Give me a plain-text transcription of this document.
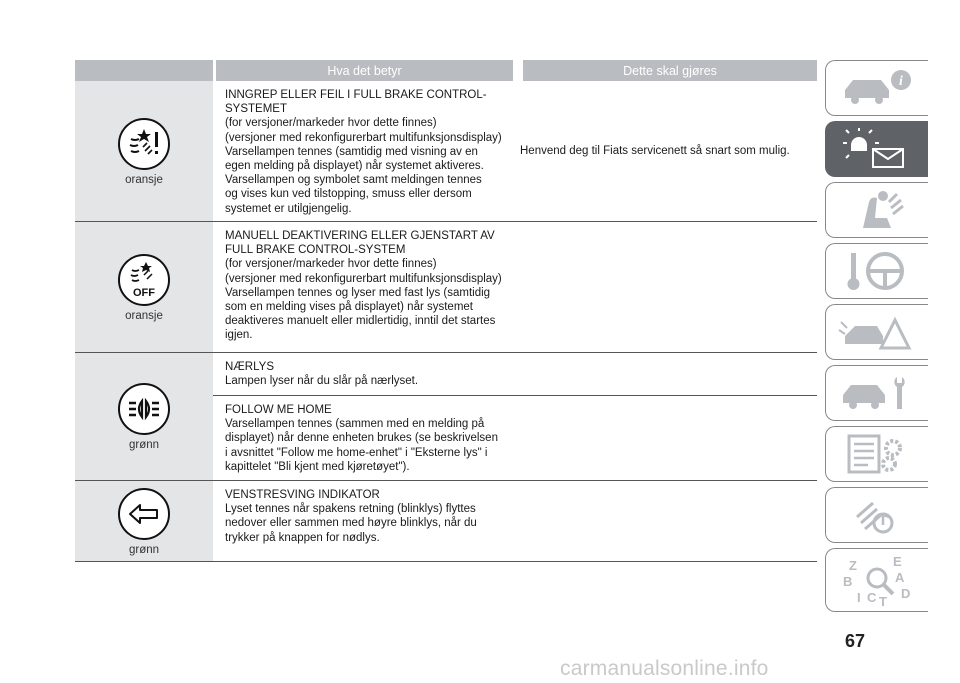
Hva det betyr	Dette skal gjøres
oransje
INNGREP ELLER FEIL I FULL BRAKE CONTROL-SYSTEMET
(for versjoner/markeder hvor dette finnes)
(versjoner med rekonfigurerbart multifunksjonsdisplay)
Varsellampen tennes (samtidig med visning av en
egen melding på displayet) når systemet aktiveres.
Varsellampen og symbolet samt meldingen tennes
og vises kun ved tilstopping, smuss eller dersom
systemet er utilgjengelig.
Henvend deg til Fiats servicenett så snart som mulig.
OFF
oransje
MANUELL DEAKTIVERING ELLER GJENSTART AV FULL BRAKE CONTROL-SYSTEM
(for versjoner/markeder hvor dette finnes)
(versjoner med rekonfigurerbart multifunksjonsdisplay)
Varsellampen tennes og lyser med fast lys (samtidig
som en melding vises på displayet) når systemet
deaktiveres manuelt eller midlertidig, inntil det startes
igjen.
grønn
NÆRLYS
Lampen lyser når du slår på nærlyset.
FOLLOW ME HOME
Varsellampen tennes (sammen med en melding på
displayet) når denne enheten brukes (se beskrivelsen
i avsnittet "Follow me home-enhet" i "Eksterne lys" i
kapittelet "Bli kjent med kjøretøyet").
grønn
VENSTRESVING INDIKATOR
Lyset tennes når spakens retning (blinklys) flyttes
nedover eller sammen med høyre blinklys, når du
trykker på knappen for nødlys.
i
Z	E
A
B
C T
D
I
67
carmanualsonline.info
